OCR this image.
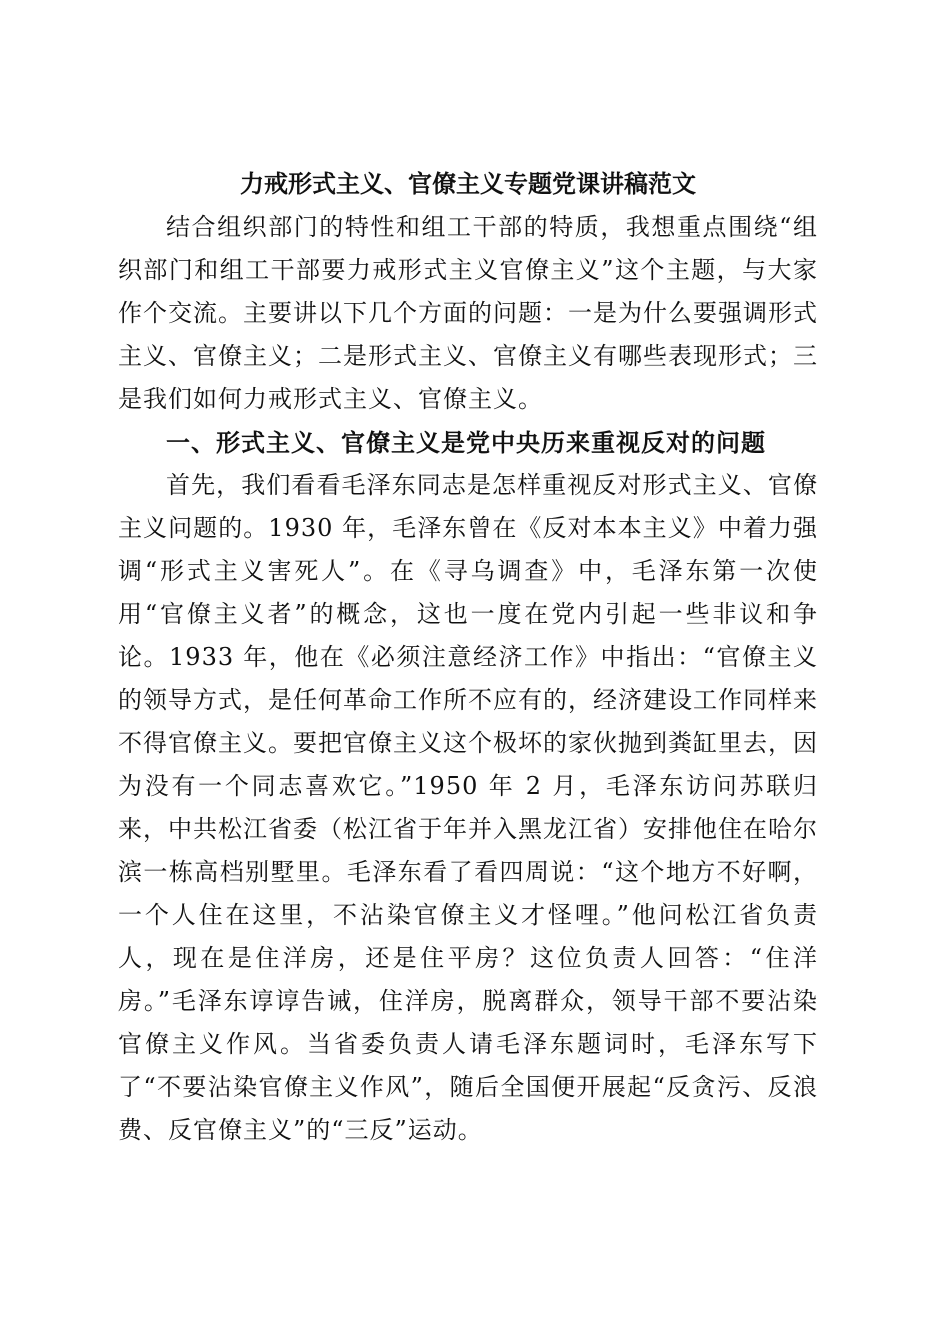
力戒形式主义、官僚主义专题党课讲稿范文

结合组织部门的特性和组工干部的特质，我想重点围绕“组织部门和组工干部要力戒形式主义官僚主义”这个主题，与大家作个交流。主要讲以下几个方面的问题：一是为什么要强调形式主义、官僚主义；二是形式主义、官僚主义有哪些表现形式；三是我们如何力戒形式主义、官僚主义。

一、形式主义、官僚主义是党中央历来重视反对的问题

首先，我们看看毛泽东同志是怎样重视反对形式主义、官僚主义问题的。1930 年，毛泽东曾在《反对本本主义》中着力强调“形式主义害死人”。在《寻乌调查》中，毛泽东第一次使用“官僚主义者”的概念，这也一度在党内引起一些非议和争论。1933 年，他在《必须注意经济工作》中指出：“官僚主义的领导方式，是任何革命工作所不应有的，经济建设工作同样来不得官僚主义。要把官僚主义这个极坏的家伙抛到粪缸里去，因为没有一个同志喜欢它。”1950 年 2 月，毛泽东访问苏联归来，中共松江省委（松江省于年并入黑龙江省）安排他住在哈尔滨一栋高档别墅里。毛泽东看了看四周说：“这个地方不好啊，一个人住在这里，不沾染官僚主义才怪哩。”他问松江省负责人，现在是住洋房，还是住平房？这位负责人回答：“住洋房。”毛泽东谆谆告诫，住洋房，脱离群众，领导干部不要沾染官僚主义作风。当省委负责人请毛泽东题词时，毛泽东写下了“不要沾染官僚主义作风”，随后全国便开展起“反贪污、反浪费、反官僚主义”的“三反”运动。
